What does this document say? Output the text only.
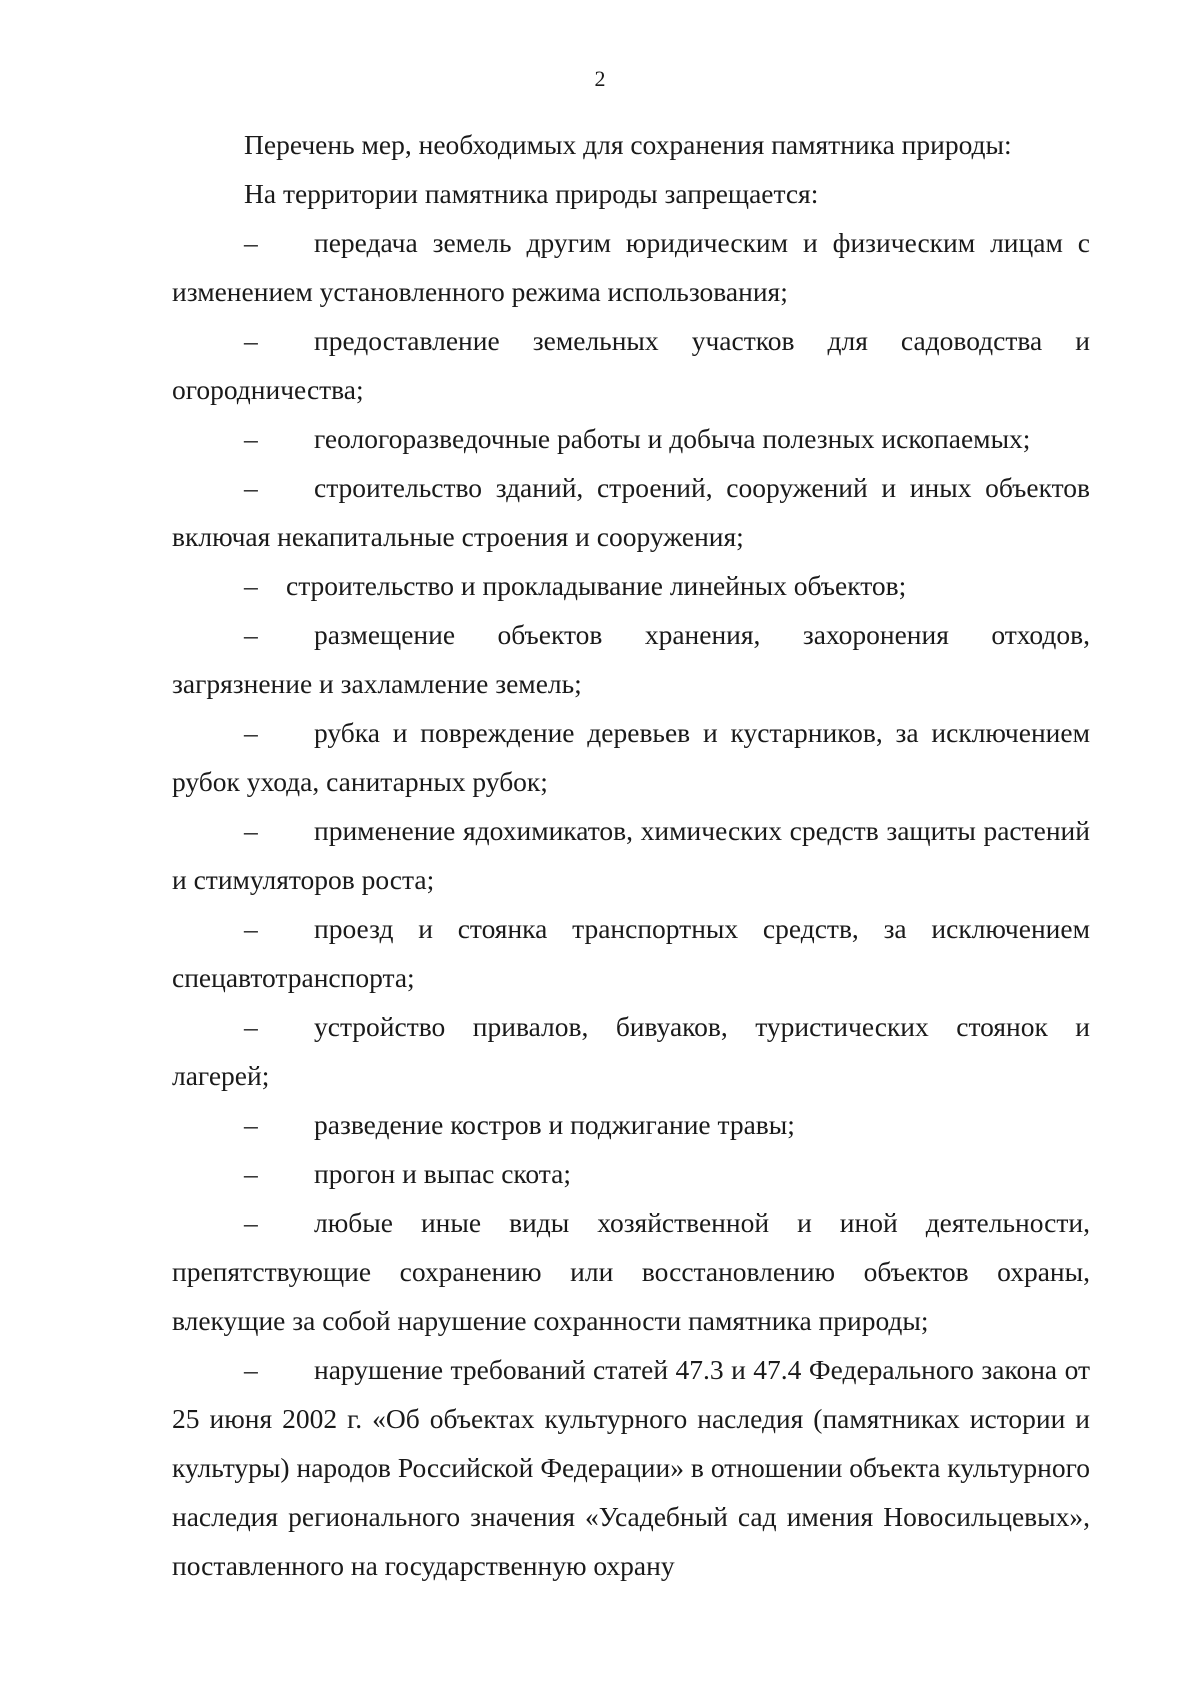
2

Перечень мер, необходимых для сохранения памятника природы:

На территории памятника природы запрещается:

– передача земель другим юридическим и физическим лицам с изменением установленного режима использования;

– предоставление земельных участков для садоводства и огородничества;

– геологоразведочные работы и добыча полезных ископаемых;

– строительство зданий, строений, сооружений и иных объектов включая некапитальные строения и сооружения;

– строительство и прокладывание линейных объектов;

– размещение объектов хранения, захоронения отходов, загрязнение и захламление земель;

– рубка и повреждение деревьев и кустарников, за исключением рубок ухода, санитарных рубок;

– применение ядохимикатов, химических средств защиты растений и стимуляторов роста;

– проезд и стоянка транспортных средств, за исключением спецавтотранспорта;

– устройство привалов, бивуаков, туристических стоянок и лагерей;

– разведение костров и поджигание травы;

– прогон и выпас скота;

– любые иные виды хозяйственной и иной деятельности, препятствующие сохранению или восстановлению объектов охраны, влекущие за собой нарушение сохранности памятника природы;

– нарушение требований статей 47.3 и 47.4 Федерального закона от 25 июня 2002 г. «Об объектах культурного наследия (памятниках истории и культуры) народов Российской Федерации» в отношении объекта культурного наследия регионального значения «Усадебный сад имения Новосильцевых», поставленного на государственную охрану
